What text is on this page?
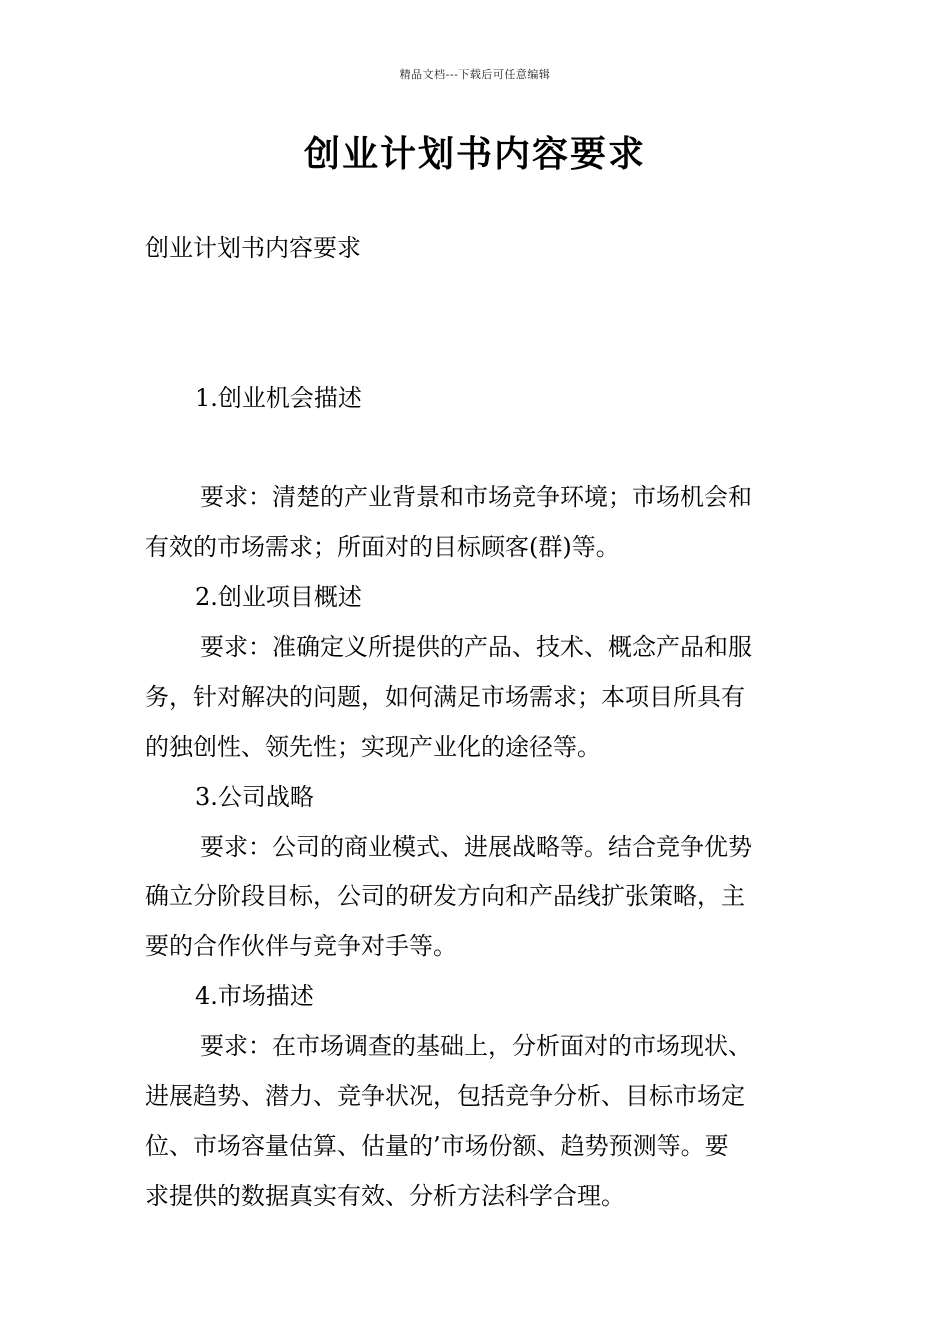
精品文档---下载后可任意编辑
创业计划书内容要求
创业计划书内容要求
1.创业机会描述
要求：清楚的产业背景和市场竞争环境；市场机会和
有效的市场需求；所面对的目标顾客(群)等。
2.创业项目概述
要求：准确定义所提供的产品、技术、概念产品和服
务，针对解决的问题，如何满足市场需求；本项目所具有
的独创性、领先性；实现产业化的途径等。
3.公司战略
要求：公司的商业模式、进展战略等。结合竞争优势
确立分阶段目标，公司的研发方向和产品线扩张策略，主
要的合作伙伴与竞争对手等。
4.市场描述
要求：在市场调查的基础上，分析面对的市场现状、
进展趋势、潜力、竞争状况，包括竞争分析、目标市场定
位、市场容量估算、估量的’市场份额、趋势预测等。要
求提供的数据真实有效、分析方法科学合理。
